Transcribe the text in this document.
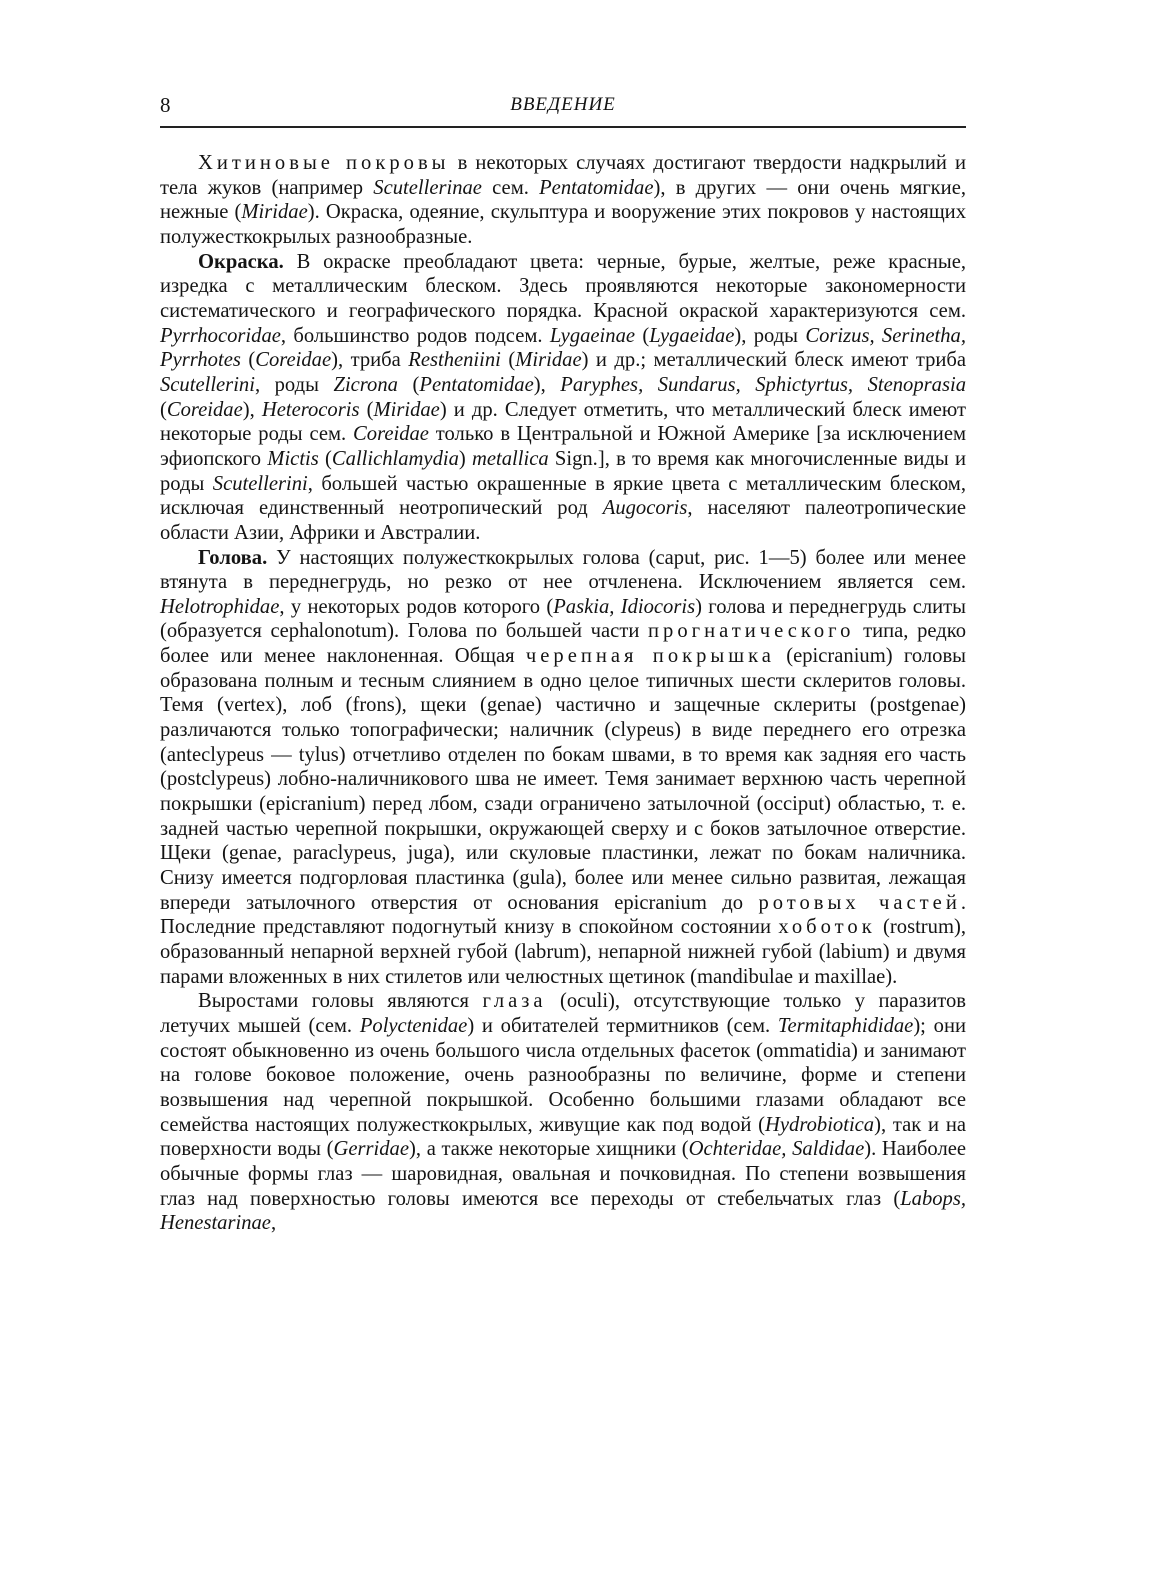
8	ВВЕДЕНИЕ

Хитиновые покровы в некоторых случаях достигают твердости надкрылий и тела жуков (например Scutellerinae сем. Pentatomidae), в других — они очень мягкие, нежные (Miridae). Окраска, одеяние, скульптура и вооружение этих покровов у настоящих полужесткокрылых разнообразные.

Окраска. В окраске преобладают цвета: черные, бурые, желтые, реже красные, изредка с металлическим блеском. Здесь проявляются некоторые закономерности систематического и географического порядка. Красной окраской характеризуются сем. Pyrrhocoridae, большинство родов подсем. Lygaeinae (Lygaeidae), роды Corizus, Serinetha, Pyrrhotes (Coreidae), триба Restheniini (Miridae) и др.; металлический блеск имеют триба Scutellerini, роды Zicrona (Pentatomidae), Paryphes, Sundarus, Sphictyrtus, Stenoprasia (Coreidae), Heterocoris (Miridae) и др. Следует отметить, что металлический блеск имеют некоторые роды сем. Coreidae только в Центральной и Южной Америке [за исключением эфиопского Mictis (Callichlamydia) metallica Sign.], в то время как многочисленные виды и роды Scutellerini, большей частью окрашенные в яркие цвета с металлическим блеском, исключая единственный неотропический род Augocoris, населяют палеотропические области Азии, Африки и Австралии.

Голова. У настоящих полужесткокрылых голова (caput, рис. 1—5) более или менее втянута в переднегрудь, но резко от нее отчленена. Исключением является сем. Helotrophidae, у некоторых родов которого (Paskia, Idiocoris) голова и переднегрудь слиты (образуется cephalonotum). Голова по большей части прогнатического типа, редко более или менее наклоненная. Общая черепная покрышка (epicranium) головы образована полным и тесным слиянием в одно целое типичных шести склеритов головы. Темя (vertex), лоб (frons), щеки (genae) частично и защечные склериты (postgenae) различаются только топографически; наличник (clypeus) в виде переднего его отрезка (anteclypeus — tylus) отчетливо отделен по бокам швами, в то время как задняя его часть (postclypeus) лобно-наличникового шва не имеет. Темя занимает верхнюю часть черепной покрышки (epicranium) перед лбом, сзади ограничено затылочной (occiput) областью, т. е. задней частью черепной покрышки, окружающей сверху и с боков затылочное отверстие. Щеки (genae, paraclypeus, juga), или скуловые пластинки, лежат по бокам наличника. Снизу имеется подгорловая пластинка (gula), более или менее сильно развитая, лежащая впереди затылочного отверстия от основания epicranium до ротовых частей. Последние представляют подогнутый книзу в спокойном состоянии хоботок (rostrum), образованный непарной верхней губой (labrum), непарной нижней губой (labium) и двумя парами вложенных в них стилетов или челюстных щетинок (mandibulae и maxillae).

Выростами головы являются глаза (oculi), отсутствующие только у паразитов летучих мышей (сем. Polyctenidae) и обитателей термитников (сем. Termitaphididae); они состоят обыкновенно из очень большого числа отдельных фасеток (ommatidia) и занимают на голове боковое положение, очень разнообразны по величине, форме и степени возвышения над черепной покрышкой. Особенно большими глазами обладают все семейства настоящих полужесткокрылых, живущие как под водой (Hydrobiotica), так и на поверхности воды (Gerridae), а также некоторые хищники (Ochteridae, Saldidae). Наиболее обычные формы глаз — шаровидная, овальная и почковидная. По степени возвышения глаз над поверхностью головы имеются все переходы от стебельчатых глаз (Labops, Henestarinae,
